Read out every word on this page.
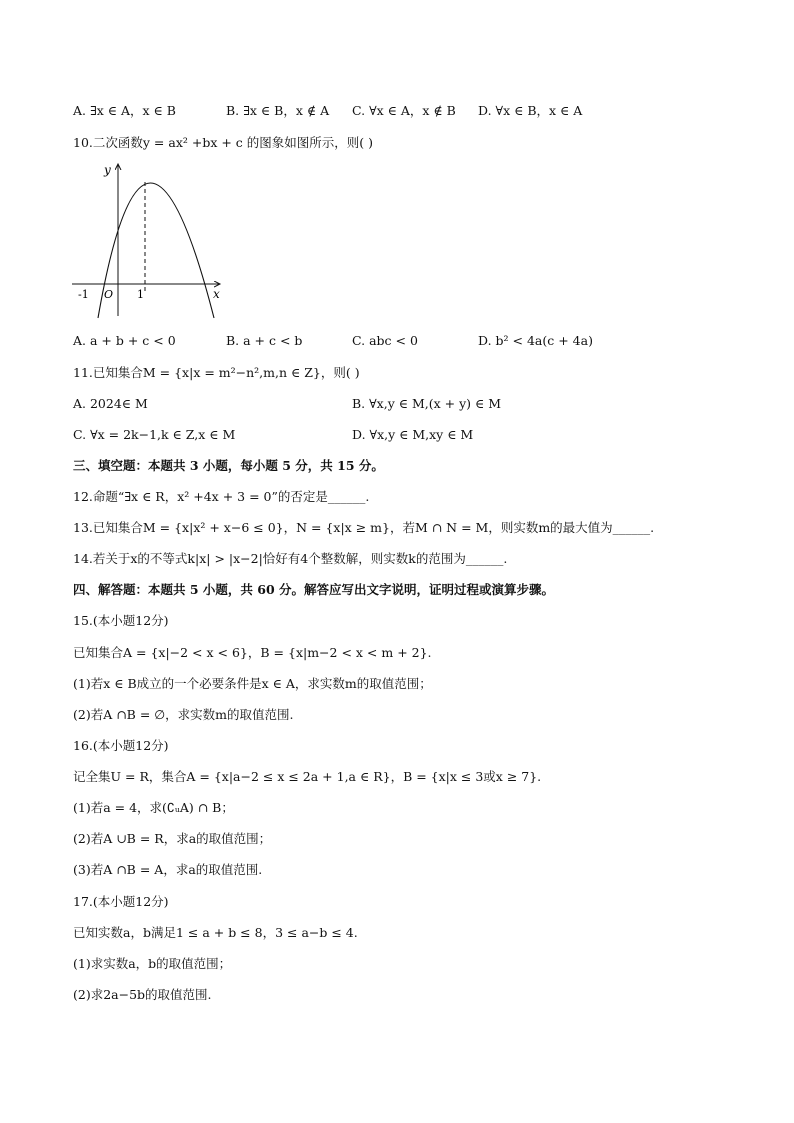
A. ∃x ∈ A，x ∈ B	B. ∃x ∈ B，x ∉ A C. ∀x ∈ A，x ∉ B D. ∀x ∈ B，x ∈ A
10.二次函数y = ax² +bx + c 的图象如图所示，则( )
y
x
-1 O 1
A. a + b + c < 0	B. a + c < b	C. abc < 0	D. b² < 4a(c + 4a)
11.已知集合M = {x|x = m²−n²,m,n ∈ Z}，则( )
A. 2024∈ M	B. ∀x,y ∈ M,(x + y) ∈ M
C. ∀x = 2k−1,k ∈ Z,x ∈ M	D. ∀x,y ∈ M,xy ∈ M
三、填空题：本题共 3 小题，每小题 5 分，共 15 分。
12.命题“∃x ∈ R，x² +4x + 3 = 0”的否定是______.
13.已知集合M = {x|x² + x−6 ≤ 0}，N = {x|x ≥ m}，若M ∩ N = M，则实数m的最大值为______.
14.若关于x的不等式k|x| > |x−2|恰好有4个整数解，则实数k的范围为______.
四、解答题：本题共 5 小题，共 60 分。解答应写出文字说明，证明过程或演算步骤。
15.(本小题12分)
已知集合A = {x|−2 < x < 6}，B = {x|m−2 < x < m + 2}.
(1)若x ∈ B成立的一个必要条件是x ∈ A，求实数m的取值范围；
(2)若A ∩B = ∅，求实数m的取值范围.
16.(本小题12分)
记全集U = R，集合A = {x|a−2 ≤ x ≤ 2a + 1,a ∈ R}，B = {x|x ≤ 3或x ≥ 7}.
(1)若a = 4，求(∁ᵤA) ∩ B；
(2)若A ∪B = R，求a的取值范围；
(3)若A ∩B = A，求a的取值范围.
17.(本小题12分)
已知实数a，b满足1 ≤ a + b ≤ 8，3 ≤ a−b ≤ 4.
(1)求实数a，b的取值范围；
(2)求2a−5b的取值范围.
